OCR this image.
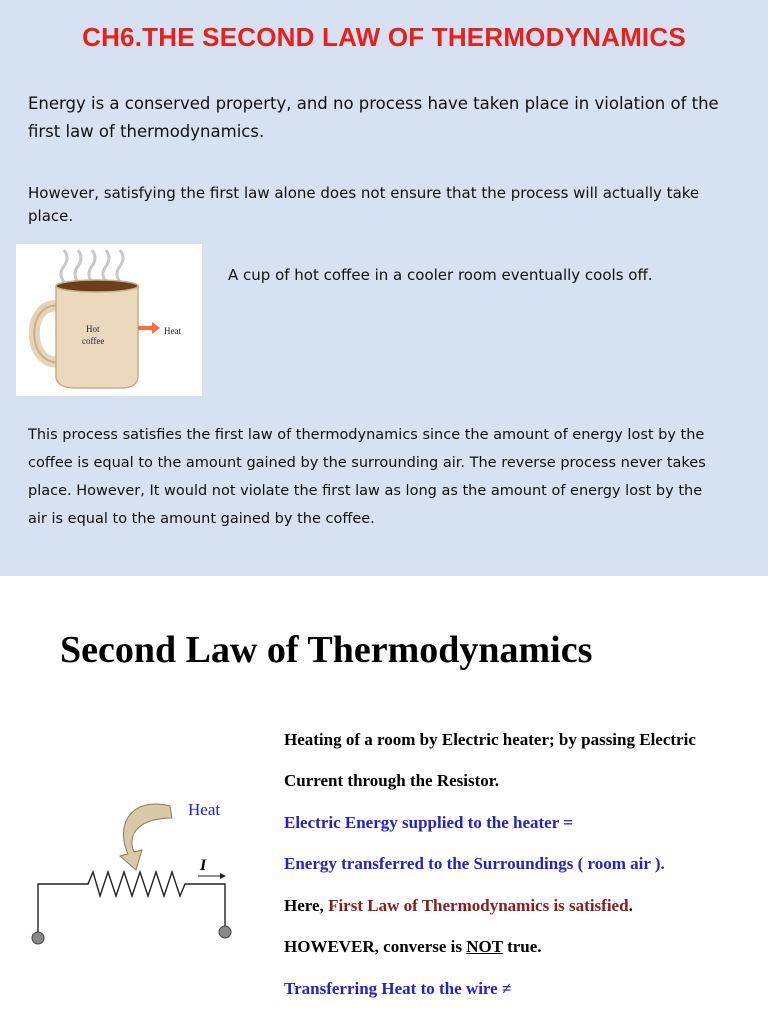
CH6.THE SECOND LAW OF THERMODYNAMICS
Energy is a conserved property, and no process have taken place in violation of the first law of thermodynamics.
However, satisfying the first law alone does not ensure that the process will actually take place.
Hot
coffee
Heat
A cup of hot coffee in a cooler room eventually cools off.
This process satisfies the first law of thermodynamics since the amount of energy lost by the coffee is equal to the amount gained by the surrounding air. The reverse process never takes place. However, It would not violate the first law as long as the amount of energy lost by the air is equal to the amount gained by the coffee.
Second Law of Thermodynamics
Heat
I
Heating of a room by Electric heater; by passing Electric
Current through the Resistor.
Electric Energy supplied to the heater =
Energy transferred to the Surroundings ( room air ).
Here, First Law of Thermodynamics is satisfied.
HOWEVER, converse is NOT true.
Transferring Heat to the wire ≠
